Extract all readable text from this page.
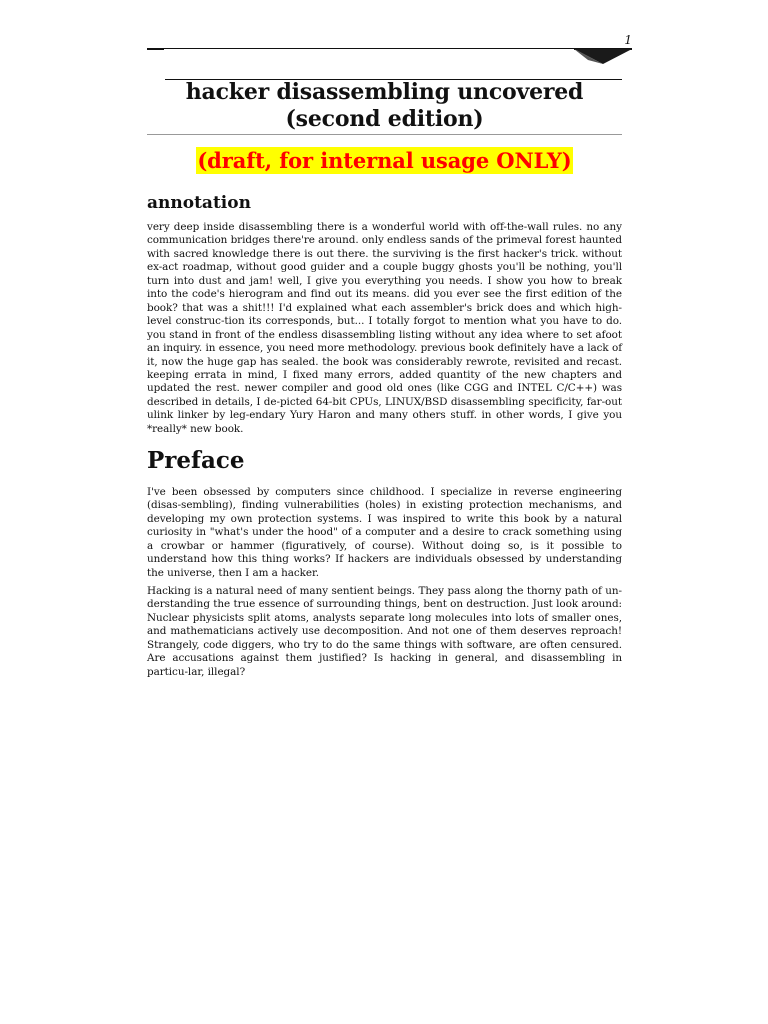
1
hacker disassembling uncovered
(second edition)
(draft, for internal usage ONLY)
annotation

very deep inside disassembling there is a wonderful world with off-the-wall rules. no any communication bridges there're around. only endless sands of the primeval forest haunted with sacred knowledge there is out there. the surviving is the first hacker's trick. without ex-act roadmap, without good guider and a couple buggy ghosts you'll be nothing, you'll turn into dust and jam! well, I give you everything you needs. I show you how to break into the code's hierogram and find out its means. did you ever see the first edition of the book? that was a shit!!! I'd explained what each assembler's brick does and which high-level construc-tion its corresponds, but... I totally forgot to mention what you have to do. you stand in front of the endless disassembling listing without any idea where to set afoot an inquiry. in essence, you need more methodology. previous book definitely have a lack of it, now the huge gap has sealed. the book was considerably rewrote, revisited and recast. keeping errata in mind, I fixed many errors, added quantity of the new chapters and updated the rest. newer compiler and good old ones (like CGG and INTEL C/C++) was described in details, I de-picted 64-bit CPUs, LINUX/BSD disassembling specificity, far-out ulink linker by leg-endary Yury Haron and many others stuff. in other words, I give you *really* new book.

Preface

I've been obsessed by computers since childhood. I specialize in reverse engineering (disas-sembling), finding vulnerabilities (holes) in existing protection mechanisms, and developing my own protection systems. I was inspired to write this book by a natural curiosity in "what's under the hood" of a computer and a desire to crack something using a crowbar or hammer (figuratively, of course). Without doing so, is it possible to understand how this thing works? If hackers are individuals obsessed by understanding the universe, then I am a hacker.

Hacking is a natural need of many sentient beings. They pass along the thorny path of un-derstanding the true essence of surrounding things, bent on destruction. Just look around: Nuclear physicists split atoms, analysts separate long molecules into lots of smaller ones, and mathematicians actively use decomposition. And not one of them deserves reproach! Strangely, code diggers, who try to do the same things with software, are often censured. Are accusations against them justified? Is hacking in general, and disassembling in particu-lar, illegal?
